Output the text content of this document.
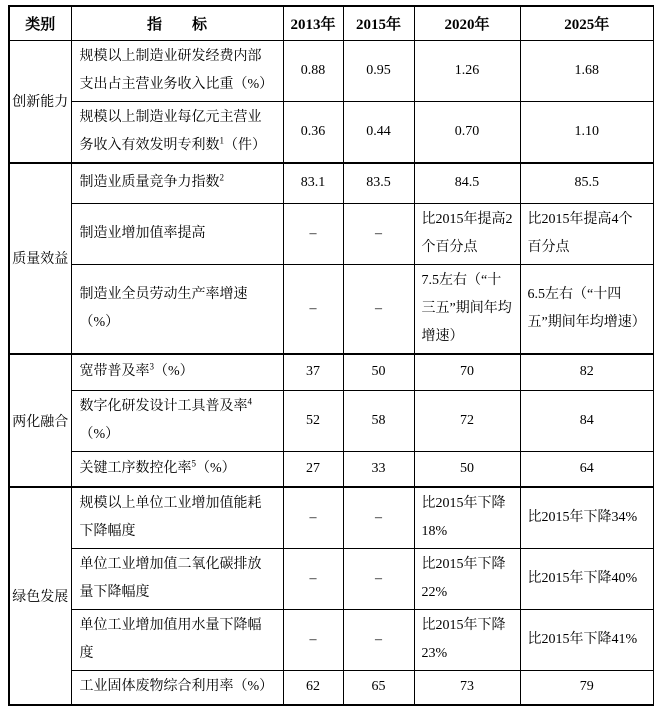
类别	指　　标	2013年	2015年	2020年	2025年
创新能力	规模以上制造业研发经费内部支出占主营业务收入比重（%）	0.88	0.95	1.26	1.68
	规模以上制造业每亿元主营业务收入有效发明专利数$^1$（件）	0.36	0.44	0.70	1.10
质量效益	制造业质量竞争力指数$^2$	83.1	83.5	84.5	85.5
	制造业增加值率提高	–	–	比2015年提高2个百分点	比2015年提高4个百分点
	制造业全员劳动生产率增速（%）	–	–	7.5左右（“十三五”期间年均增速）	6.5左右（“十四五”期间年均增速）
两化融合	宽带普及率$^3$（%）	37	50	70	82
	数字化研发设计工具普及率$^4$（%）	52	58	72	84
	关键工序数控化率$^5$（%）	27	33	50	64
绿色发展	规模以上单位工业增加值能耗下降幅度	–	–	比2015年下降18%	比2015年下降34%
	单位工业增加值二氧化碳排放量下降幅度	–	–	比2015年下降22%	比2015年下降40%
	单位工业增加值用水量下降幅度	–	–	比2015年下降23%	比2015年下降41%
	工业固体废物综合利用率（%）	62	65	73	79
